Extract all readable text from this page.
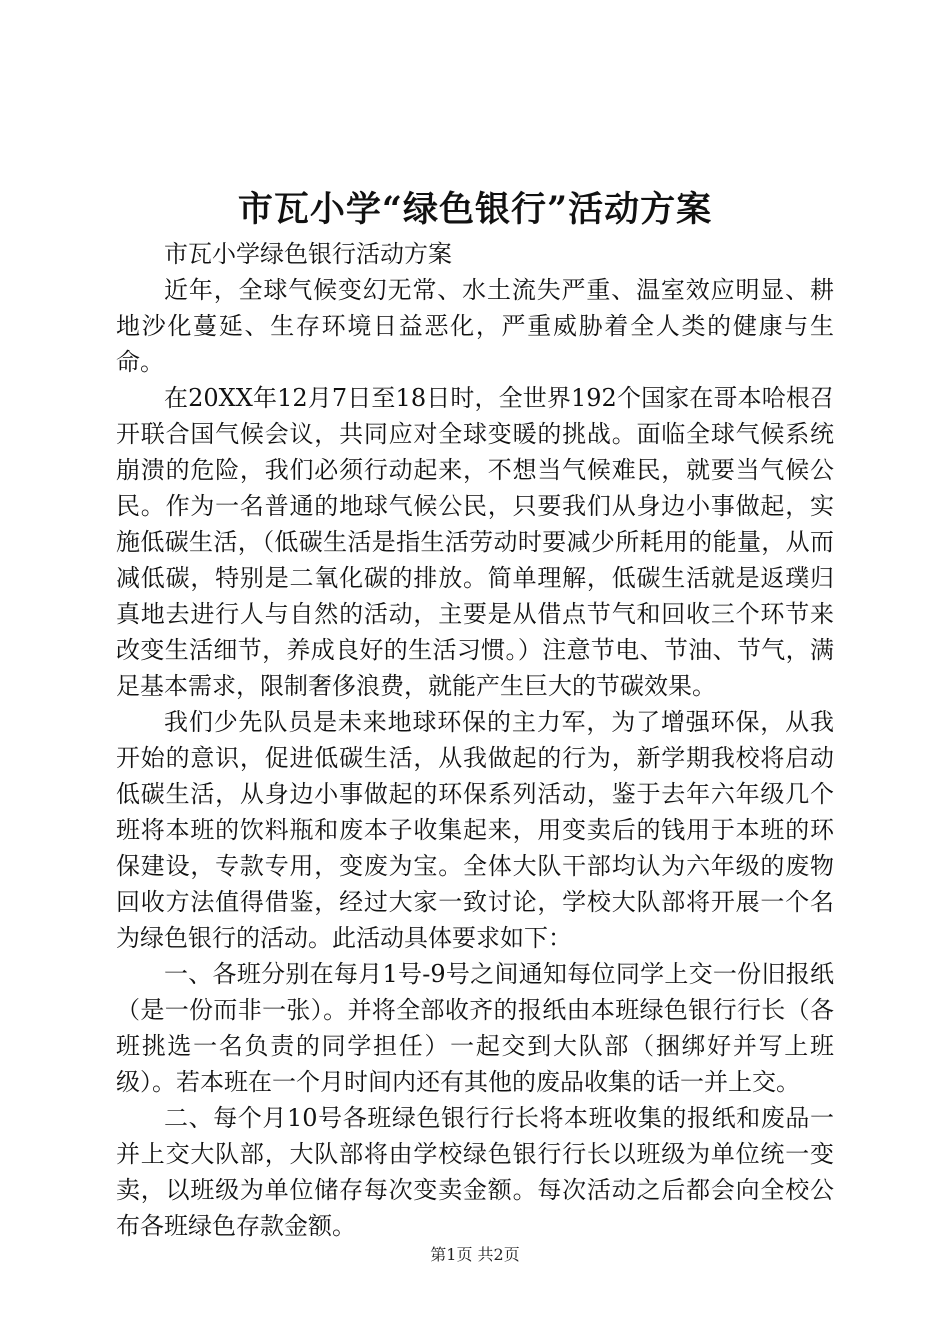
市瓦小学“绿色银行”活动方案

市瓦小学绿色银行活动方案

近年，全球气候变幻无常、水土流失严重、温室效应明显、耕地沙化蔓延、生存环境日益恶化，严重威胁着全人类的健康与生命。

在20XX年12月7日至18日时，全世界192个国家在哥本哈根召开联合国气候会议，共同应对全球变暖的挑战。面临全球气候系统崩溃的危险，我们必须行动起来，不想当气候难民，就要当气候公民。作为一名普通的地球气候公民，只要我们从身边小事做起，实施低碳生活，（低碳生活是指生活劳动时要减少所耗用的能量，从而减低碳，特别是二氧化碳的排放。简单理解，低碳生活就是返璞归真地去进行人与自然的活动，主要是从借点节气和回收三个环节来改变生活细节，养成良好的生活习惯。）注意节电、节油、节气，满足基本需求，限制奢侈浪费，就能产生巨大的节碳效果。

我们少先队员是未来地球环保的主力军，为了增强环保，从我开始的意识，促进低碳生活，从我做起的行为，新学期我校将启动低碳生活，从身边小事做起的环保系列活动，鉴于去年六年级几个班将本班的饮料瓶和废本子收集起来，用变卖后的钱用于本班的环保建设，专款专用，变废为宝。全体大队干部均认为六年级的废物回收方法值得借鉴，经过大家一致讨论，学校大队部将开展一个名为绿色银行的活动。此活动具体要求如下：

一、各班分别在每月1号-9号之间通知每位同学上交一份旧报纸（是一份而非一张）。并将全部收齐的报纸由本班绿色银行行长（各班挑选一名负责的同学担任）一起交到大队部（捆绑好并写上班级）。若本班在一个月时间内还有其他的废品收集的话一并上交。

二、每个月10号各班绿色银行行长将本班收集的报纸和废品一并上交大队部，大队部将由学校绿色银行行长以班级为单位统一变卖，以班级为单位储存每次变卖金额。每次活动之后都会向全校公布各班绿色存款金额。

第1页 共2页
